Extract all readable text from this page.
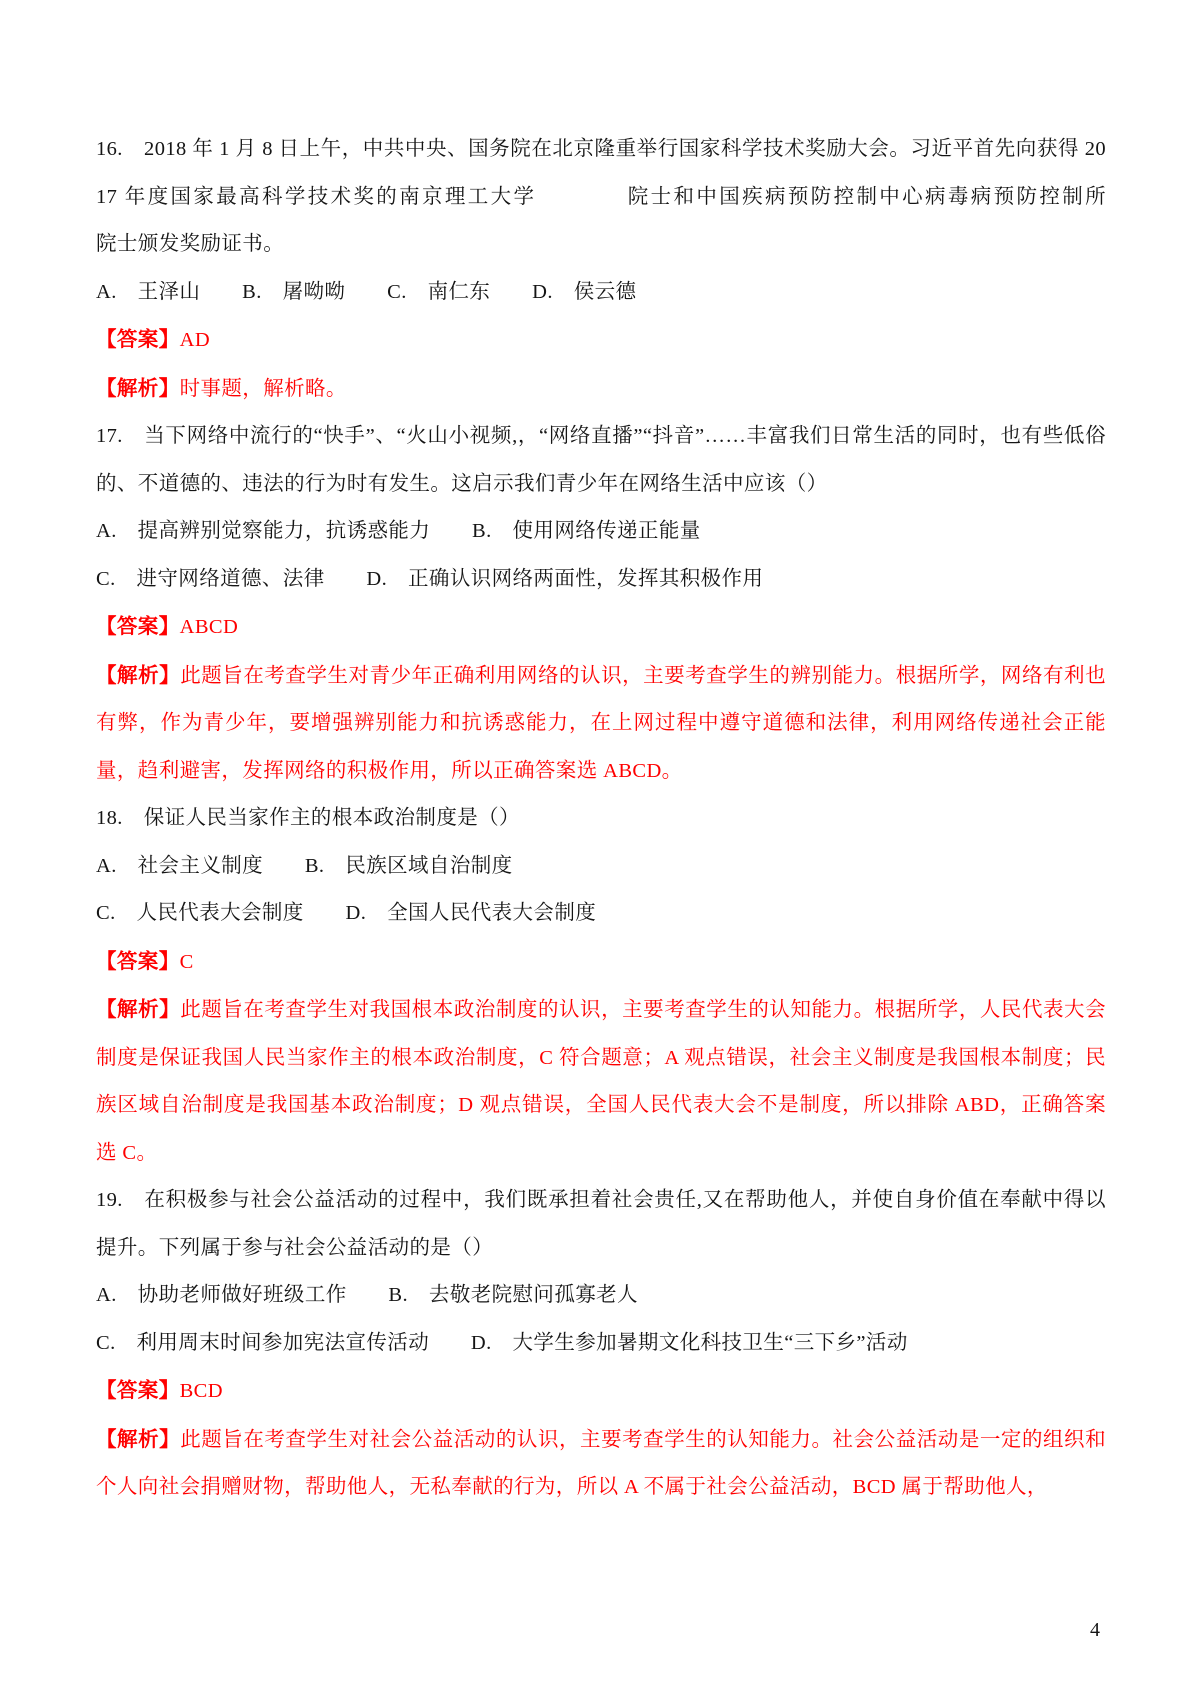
16.　2018 年 1 月 8 日上午，中共中央、国务院在北京隆重举行国家科学技术奖励大会。习近平首先向获得 2017 年度国家最高科学技术奖的南京理工大学　　　　院士和中国疾病预防控制中心病毒病预防控制所　　　　院士颁发奖励证书。

A.　王泽山　　B.　屠呦呦　　C.　南仁东　　D.　侯云德

【答案】AD

【解析】时事题，解析略。

17.　当下网络中流行的“快手”、“火山小视频,，“网络直播”“抖音”……丰富我们日常生活的同时，也有些低俗的、不道德的、违法的行为时有发生。这启示我们青少年在网络生活中应该（）

A.　提高辨别觉察能力，抗诱惑能力　　B.　使用网络传递正能量

C.　进守网络道德、法律　　D.　正确认识网络两面性，发挥其积极作用

【答案】ABCD

【解析】此题旨在考查学生对青少年正确利用网络的认识，主要考查学生的辨别能力。根据所学，网络有利也有弊，作为青少年，要增强辨别能力和抗诱惑能力，在上网过程中遵守道德和法律，利用网络传递社会正能量，趋利避害，发挥网络的积极作用，所以正确答案选 ABCD。

18.　保证人民当家作主的根本政治制度是（）

A.　社会主义制度　　B.　民族区域自治制度

C.　人民代表大会制度　　D.　全国人民代表大会制度

【答案】C

【解析】此题旨在考查学生对我国根本政治制度的认识，主要考查学生的认知能力。根据所学，人民代表大会制度是保证我国人民当家作主的根本政治制度，C 符合题意；A 观点错误，社会主义制度是我国根本制度；民族区域自治制度是我国基本政治制度；D 观点错误，全国人民代表大会不是制度，所以排除 ABD，正确答案选 C。

19.　在积极参与社会公益活动的过程中，我们既承担着社会贵任,又在帮助他人，并使自身价值在奉献中得以提升。下列属于参与社会公益活动的是（）

A.　协助老师做好班级工作　　B.　去敬老院慰问孤寡老人

C.　利用周末时间参加宪法宣传活动　　D.　大学生参加暑期文化科技卫生“三下乡”活动

【答案】BCD

【解析】此题旨在考查学生对社会公益活动的认识，主要考查学生的认知能力。社会公益活动是一定的组织和个人向社会捐赠财物，帮助他人，无私奉献的行为，所以 A 不属于社会公益活动，BCD 属于帮助他人，

4
